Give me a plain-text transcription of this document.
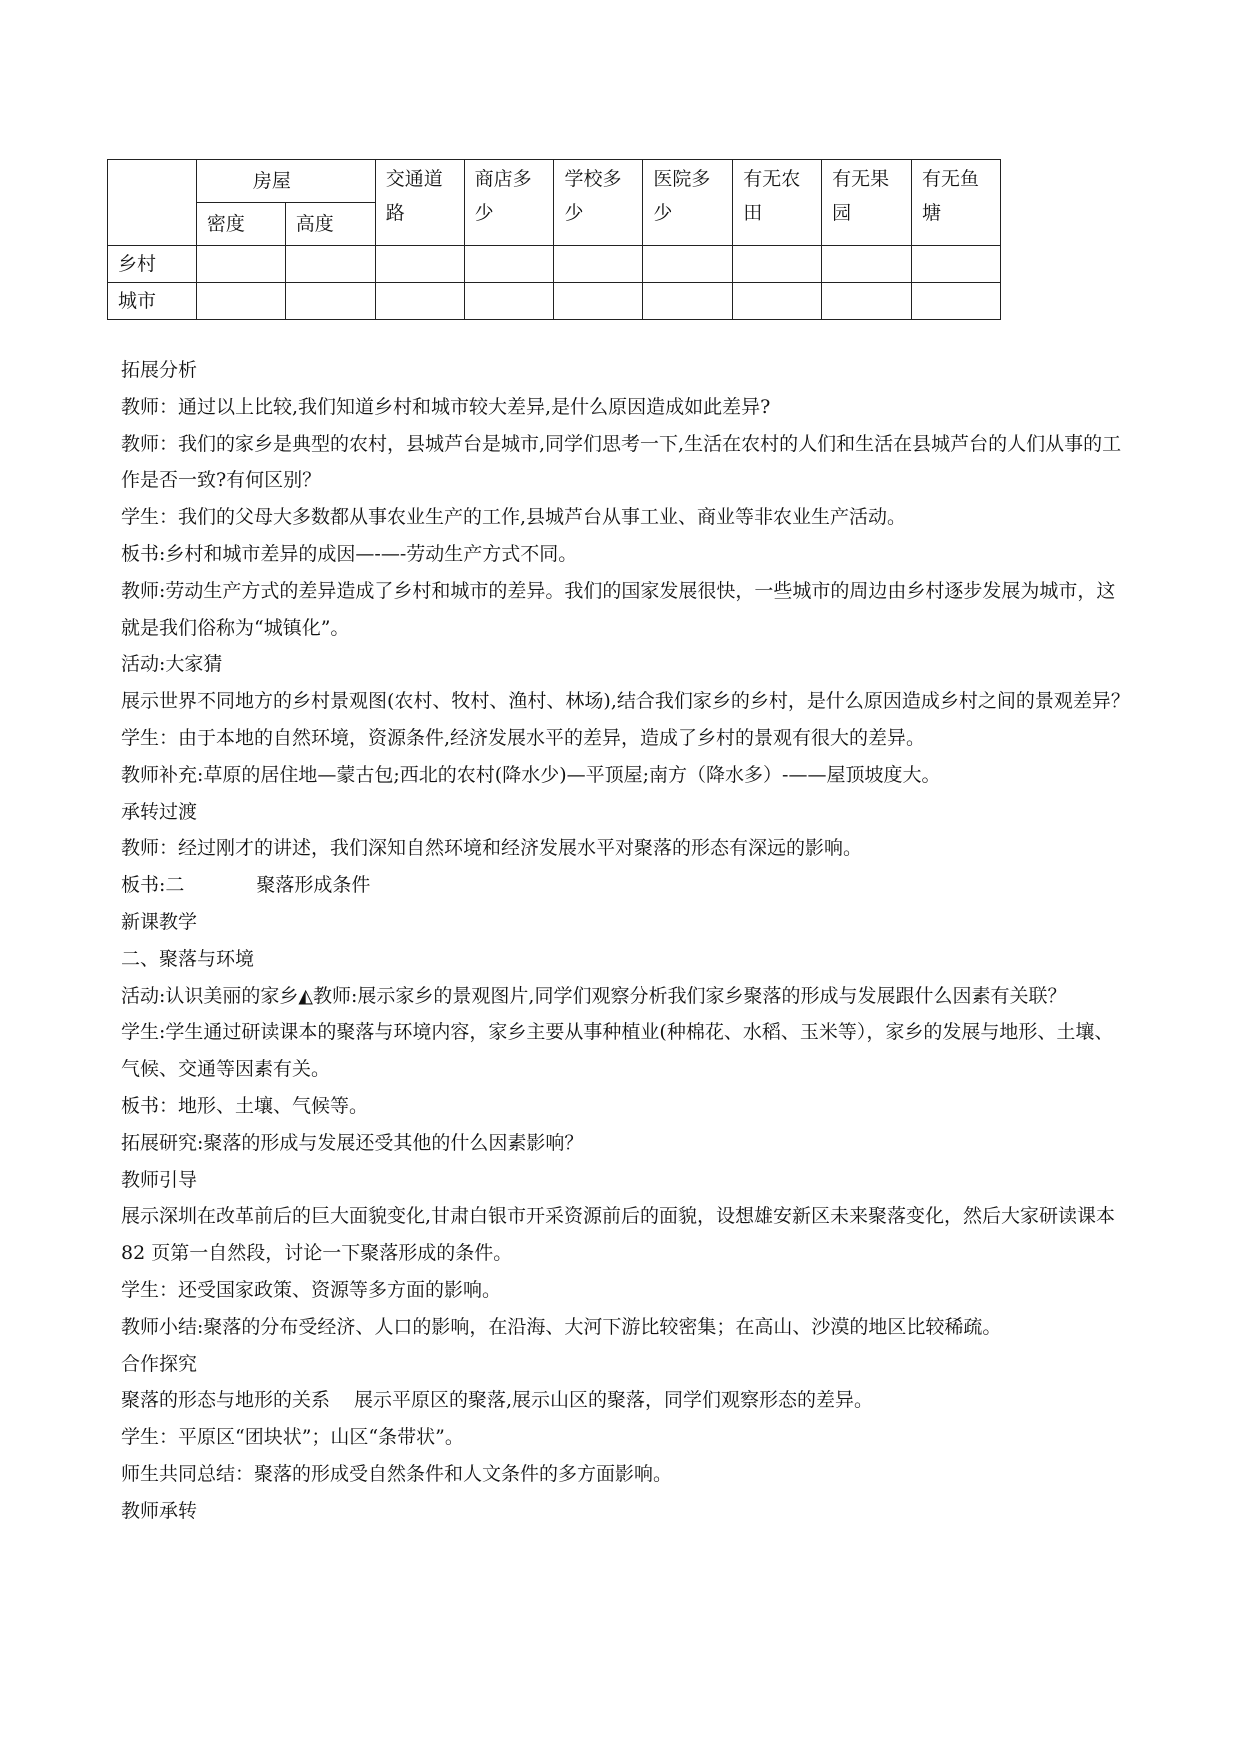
	房屋		交通道路	商店多少	学校多少	医院多少	有无农田	有无果园	有无鱼塘
	密度	高度							
乡村									
城市									

拓展分析

教师：通过以上比较,我们知道乡村和城市较大差异,是什么原因造成如此差异?

教师：我们的家乡是典型的农村，县城芦台是城市,同学们思考一下,生活在农村的人们和生活在县城芦台的人们从事的工作是否一致?有何区别？

学生：我们的父母大多数都从事农业生产的工作,县城芦台从事工业、商业等非农业生产活动。

板书:乡村和城市差异的成因—-—-劳动生产方式不同。

教师:劳动生产方式的差异造成了乡村和城市的差异。我们的国家发展很快，一些城市的周边由乡村逐步发展为城市，这就是我们俗称为“城镇化”。

活动:大家猜

展示世界不同地方的乡村景观图(农村、牧村、渔村、林场),结合我们家乡的乡村，是什么原因造成乡村之间的景观差异？

学生：由于本地的自然环境，资源条件,经济发展水平的差异，造成了乡村的景观有很大的差异。

教师补充:草原的居住地—蒙古包;西北的农村(降水少)—平顶屋;南方（降水多）-——屋顶坡度大。

承转过渡

教师：经过刚才的讲述，我们深知自然环境和经济发展水平对聚落的形态有深远的影响。

板书:二	聚落形成条件

新课教学

二、聚落与环境

活动:认识美丽的家乡◭教师:展示家乡的景观图片,同学们观察分析我们家乡聚落的形成与发展跟什么因素有关联？

学生:学生通过研读课本的聚落与环境内容，家乡主要从事种植业(种棉花、水稻、玉米等），家乡的发展与地形、土壤、气候、交通等因素有关。

板书：地形、土壤、气候等。

拓展研究:聚落的形成与发展还受其他的什么因素影响？

教师引导

展示深圳在改革前后的巨大面貌变化,甘肃白银市开采资源前后的面貌，设想雄安新区未来聚落变化，然后大家研读课本 82 页第一自然段，讨论一下聚落形成的条件。

学生：还受国家政策、资源等多方面的影响。

教师小结:聚落的分布受经济、人口的影响，在沿海、大河下游比较密集；在高山、沙漠的地区比较稀疏。

合作探究

聚落的形态与地形的关系 展示平原区的聚落,展示山区的聚落，同学们观察形态的差异。

学生：平原区“团块状”；山区“条带状”。

师生共同总结：聚落的形成受自然条件和人文条件的多方面影响。

教师承转
